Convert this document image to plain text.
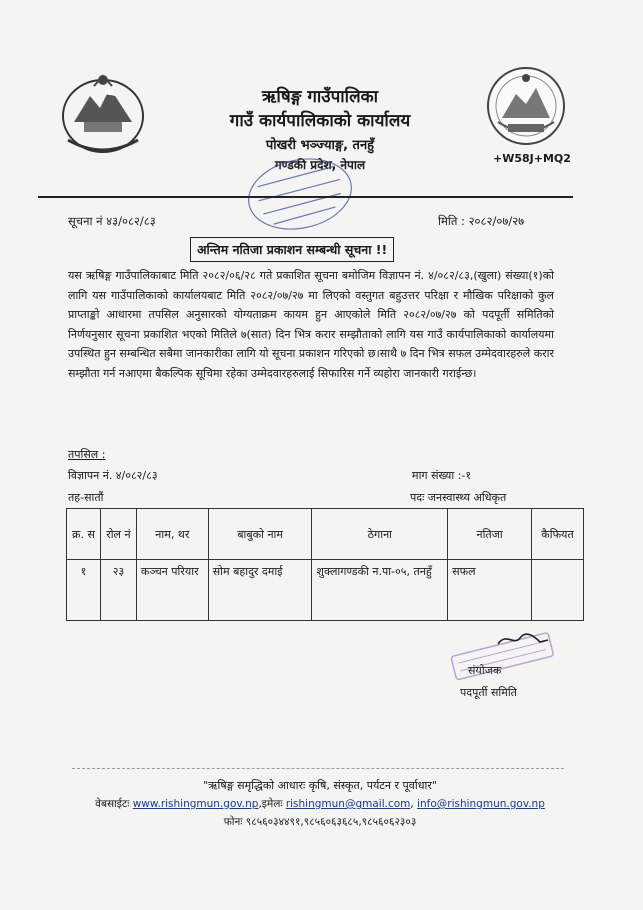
ऋषिङ्ग गाउँपालिका
गाउँ कार्यपालिकाको कार्यालय
पोखरी भञ्ज्याङ्ग, तनहुँ
गण्डकी प्रदेश, नेपाल	+W58J+MQ2
सूचना नं ४३/०८२/८३	मिति : २०८२/०७/२७
अन्तिम नतिजा प्रकाशन सम्बन्धी सूचना !!
यस ऋषिङ्ग गाउँपालिकाबाट मिति २०८२/०६/२८ गते प्रकाशित सूचना बमोजिम विज्ञापन नं. ४/०८२/८३,(खुला) संख्या(१)को लागि यस गाउँपालिकाको कार्यालयबाट मिति २०८२/०७/२७ मा लिएको वस्तुगत बहुउत्तर परिक्षा र मौखिक परिक्षाको कुल प्राप्ताङ्को आधारमा तपसिल अनुसारको योग्यताक्रम कायम हुन आएकोले मिति २०८२/०७/२७ को पदपूर्ती समितिको निर्णयनुसार सूचना प्रकाशित भएको मितिले ७(सात) दिन भित्र करार सम्झौताको लागि यस गाउँ कार्यपालिकाको कार्यालयमा उपस्थित हुन सम्बन्धित सबैमा जानकारीका लागि यो सूचना प्रकाशन गरिएको छ।साथै ७ दिन भित्र सफल उम्मेदवारहरुले करार सम्झौता गर्न नआएमा बैकल्पिक सूचिमा रहेका उम्मेदवारहरुलाई सिफारिस गर्ने व्यहोरा जानकारी गराईन्छ।
तपसिल :
विज्ञापन नं. ४/०८२/८३	माग संख्या :-१
तह-सातौं	पदः जनस्वास्थ्य अधिकृत
क्र. स	रोल नं	नाम, थर	बाबुको नाम	ठेगाना	नतिजा	कैफियत
१	२३	कञ्चन परियार	सोम बहादुर दमाई	शुक्लागण्डकी न.पा-०५, तनहुँ	सफल	
संयोजक
पदपूर्ती समिति
"ऋषिङ्ग समृद्धिको आधारः कृषि, संस्कृत, पर्यटन र पूर्वाधार"
वेबसाईटः www.rishingmun.gov.np,इमेलः rishingmun@gmail.com, info@rishingmun.gov.np
फोनः ९८५६०३४४९१,९८५६०६३६८५,९८५६०६२३०३
